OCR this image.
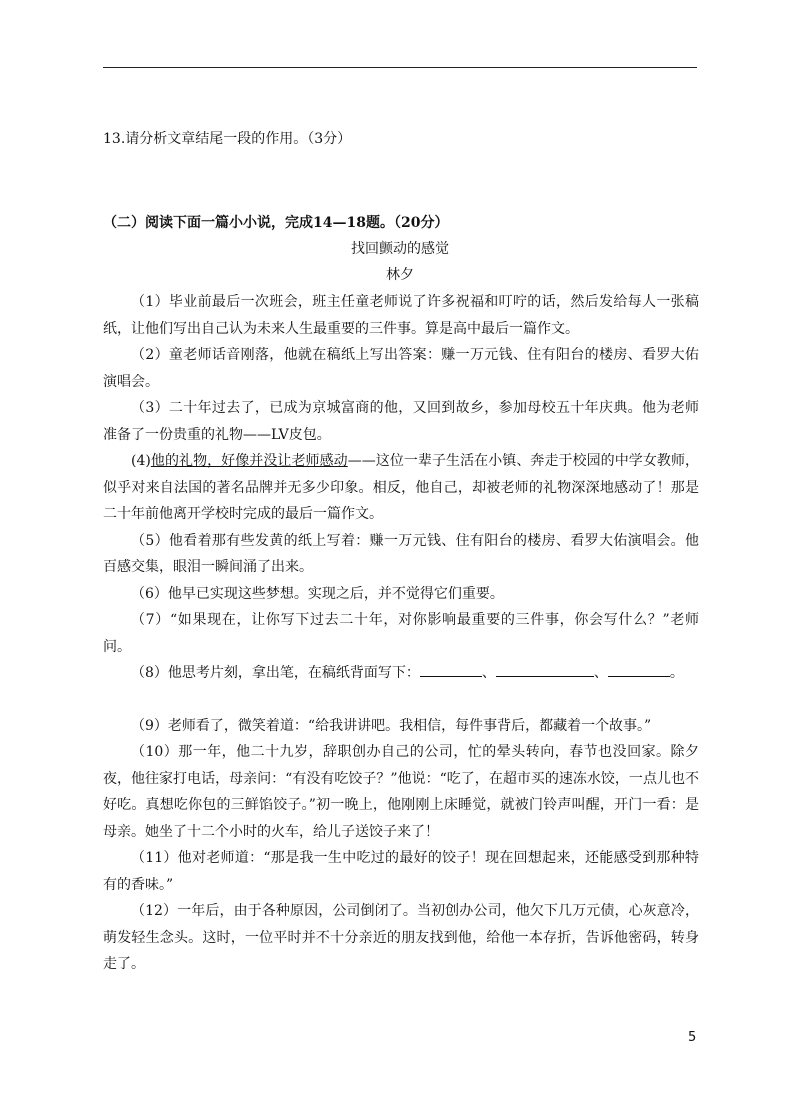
13.请分析文章结尾一段的作用。（3分）
（二）阅读下面一篇小小说，完成14—18题。（20分）
找回颤动的感觉
林夕

（1）毕业前最后一次班会，班主任童老师说了许多祝福和叮咛的话，然后发给每人一张稿纸，让他们写出自己认为未来人生最重要的三件事。算是高中最后一篇作文。

（2）童老师话音刚落，他就在稿纸上写出答案：赚一万元钱、住有阳台的楼房、看罗大佑演唱会。

（3）二十年过去了，已成为京城富商的他，又回到故乡，参加母校五十年庆典。他为老师准备了一份贵重的礼物——LV皮包。

(4)他的礼物，好像并没让老师感动——这位一辈子生活在小镇、奔走于校园的中学女教师，似乎对来自法国的著名品牌并无多少印象。相反，他自己，却被老师的礼物深深地感动了！那是二十年前他离开学校时完成的最后一篇作文。

（5）他看着那有些发黄的纸上写着：赚一万元钱、住有阳台的楼房、看罗大佑演唱会。他百感交集，眼泪一瞬间涌了出来。

（6）他早已实现这些梦想。实现之后，并不觉得它们重要。

（7）“如果现在，让你写下过去二十年，对你影响最重要的三件事，你会写什么？”老师问。

（8）他思考片刻，拿出笔，在稿纸背面写下：	、	、	。

（9）老师看了，微笑着道：“给我讲讲吧。我相信，每件事背后，都藏着一个故事。”

（10）那一年，他二十九岁，辞职创办自己的公司，忙的晕头转向，春节也没回家。除夕夜，他往家打电话，母亲问：“有没有吃饺子？”他说：“吃了，在超市买的速冻水饺，一点儿也不好吃。真想吃你包的三鲜馅饺子。”初一晚上，他刚刚上床睡觉，就被门铃声叫醒，开门一看：是母亲。她坐了十二个小时的火车，给儿子送饺子来了！

（11）他对老师道：“那是我一生中吃过的最好的饺子！现在回想起来，还能感受到那种特有的香味。”

（12）一年后，由于各种原因，公司倒闭了。当初创办公司，他欠下几万元债，心灰意冷，萌发轻生念头。这时，一位平时并不十分亲近的朋友找到他，给他一本存折，告诉他密码，转身走了。

5
